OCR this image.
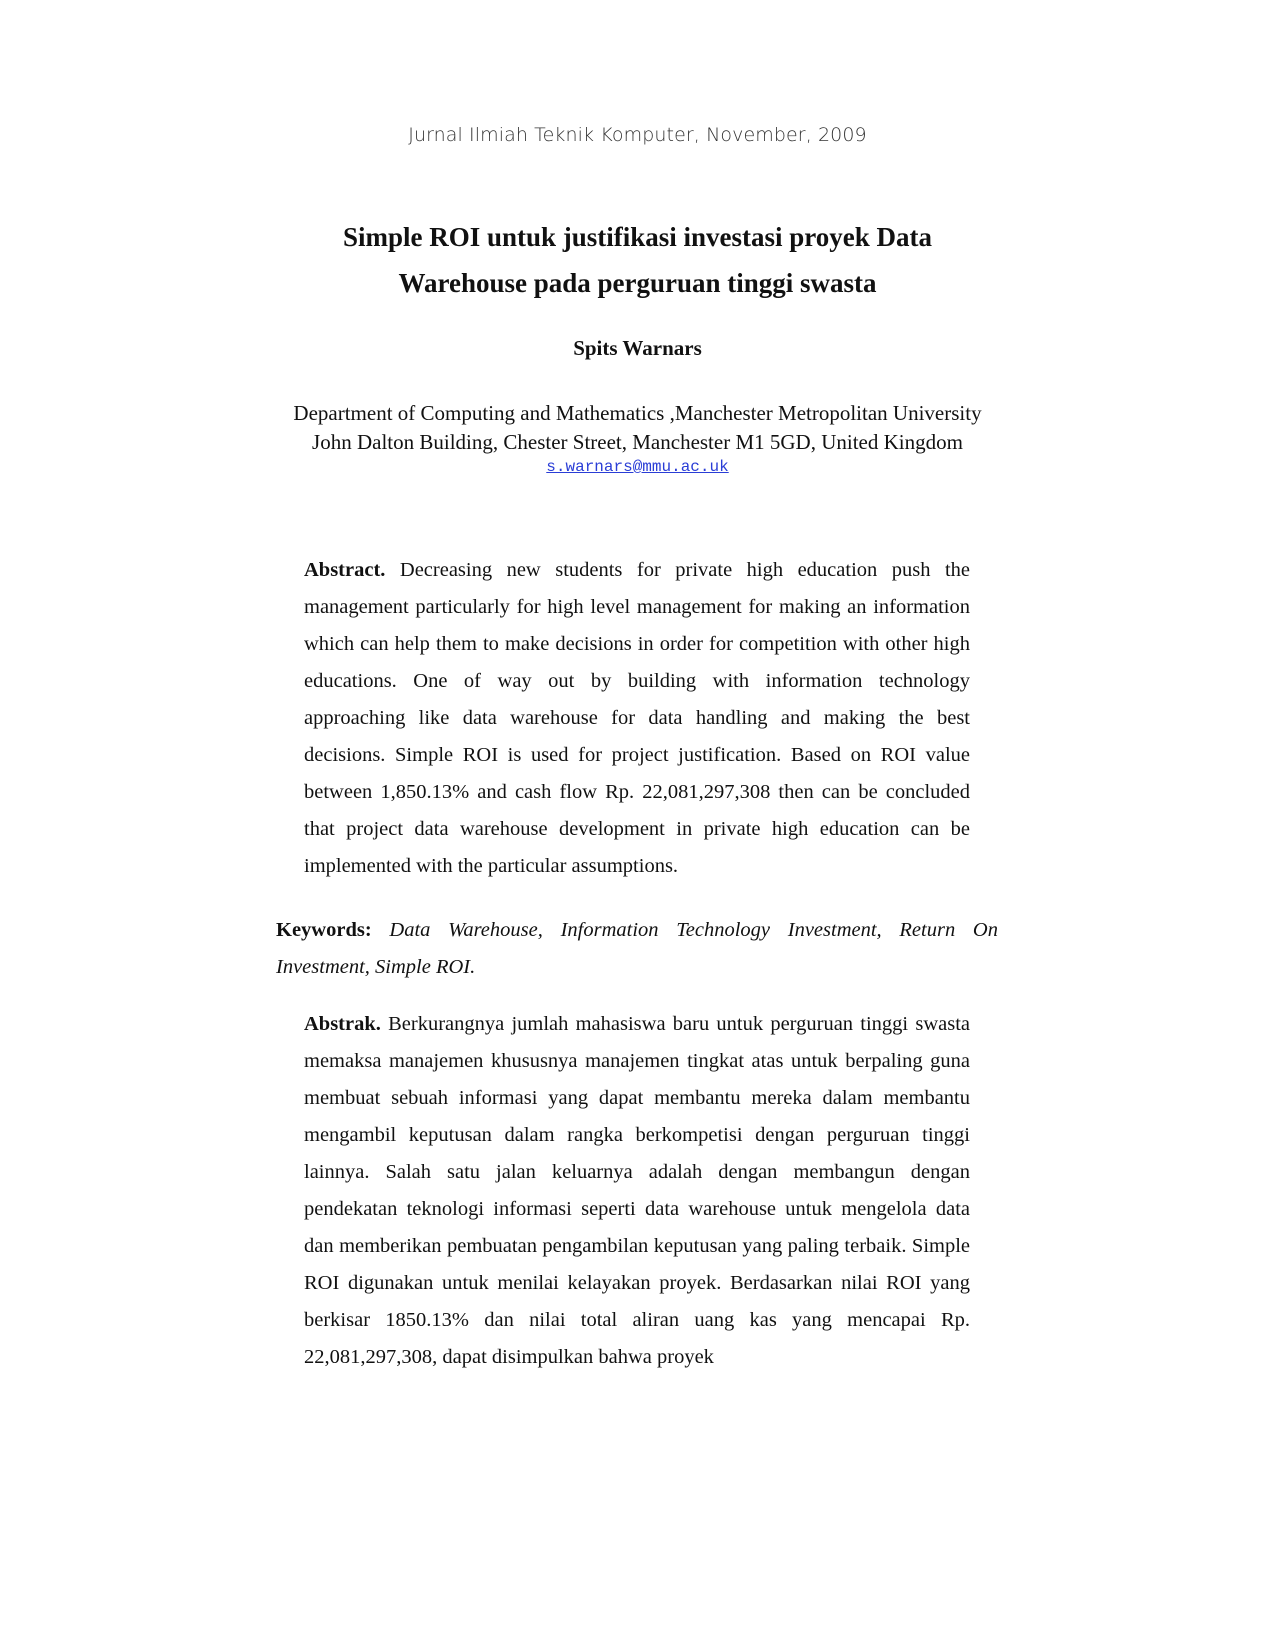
Jurnal Ilmiah Teknik Komputer, November, 2009
Simple ROI untuk justifikasi investasi proyek Data
Warehouse pada perguruan tinggi swasta
Spits Warnars
Department of Computing and Mathematics ,Manchester Metropolitan University
John Dalton Building, Chester Street, Manchester M1 5GD, United Kingdom
s.warnars@mmu.ac.uk

Abstract. Decreasing new students for private high education push the management particularly for high level management for making an information which can help them to make decisions in order for competition with other high educations. One of way out by building with information technology approaching like data warehouse for data handling and making the best decisions. Simple ROI is used for project justification. Based on ROI value between 1,850.13% and cash flow Rp. 22,081,297,308 then can be concluded that project data warehouse development in private high education can be implemented with the particular assumptions.

Keywords: Data Warehouse, Information Technology Investment, Return On Investment, Simple ROI.

Abstrak. Berkurangnya jumlah mahasiswa baru untuk perguruan tinggi swasta memaksa manajemen khususnya manajemen tingkat atas untuk berpaling guna membuat sebuah informasi yang dapat membantu mereka dalam membantu mengambil keputusan dalam rangka berkompetisi dengan perguruan tinggi lainnya. Salah satu jalan keluarnya adalah dengan membangun dengan pendekatan teknologi informasi seperti data warehouse untuk mengelola data dan memberikan pembuatan pengambilan keputusan yang paling terbaik. Simple ROI digunakan untuk menilai kelayakan proyek. Berdasarkan nilai ROI yang berkisar 1850.13% dan nilai total aliran uang kas yang mencapai Rp. 22,081,297,308, dapat disimpulkan bahwa proyek
